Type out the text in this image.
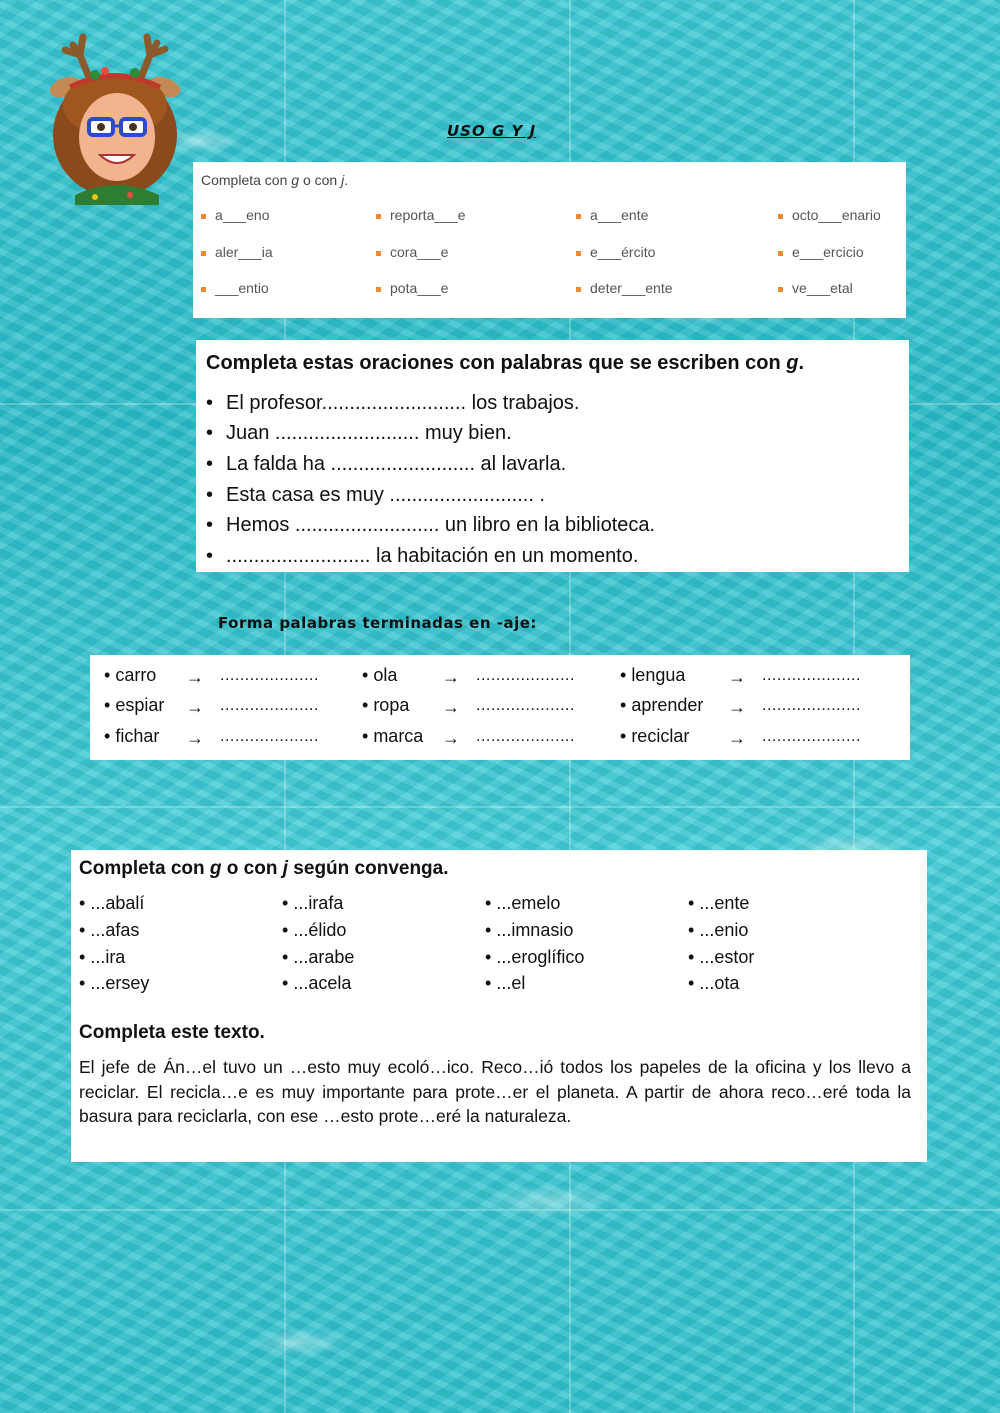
USO G Y J
Completa con g o con j.
a___eno	reporta___e	a___ente	octo___enario
aler___ia	cora___e	e___ército	e___ercicio
___entio	pota___e	deter___ente	ve___etal
Completa estas oraciones con palabras que se escriben con g.
• El profesor.......................... los trabajos.
• Juan .......................... muy bien.
• La falda ha .......................... al lavarla.
• Esta casa es muy .......................... .
• Hemos .......................... un libro en la biblioteca.
• .......................... la habitación en un momento.
Forma palabras terminadas en -aje:
• carro → .................... • ola → ....................	• lengua → ....................
• espiar → .................... • ropa → ....................	• aprender → ....................
• fichar → .................... • marca → ....................	• reciclar → ....................
Completa con g o con j según convenga.
• ...abalí	• ...irafa	• ...emelo	• ...ente
• ...afas	• ...élido	• ...imnasio	• ...enio
• ...ira	• ...arabe	• ...eroglífico	• ...estor
• ...ersey	• ...acela	• ...el	• ...ota
Completa este texto.
El jefe de Án…el tuvo un …esto muy ecoló…ico. Reco…ió todos los papeles de la oficina y los llevo a reciclar. El recicla…e es muy importante para prote…er el planeta. A partir de ahora reco…eré toda la basura para reciclarla, con ese …esto prote…eré la naturaleza.
